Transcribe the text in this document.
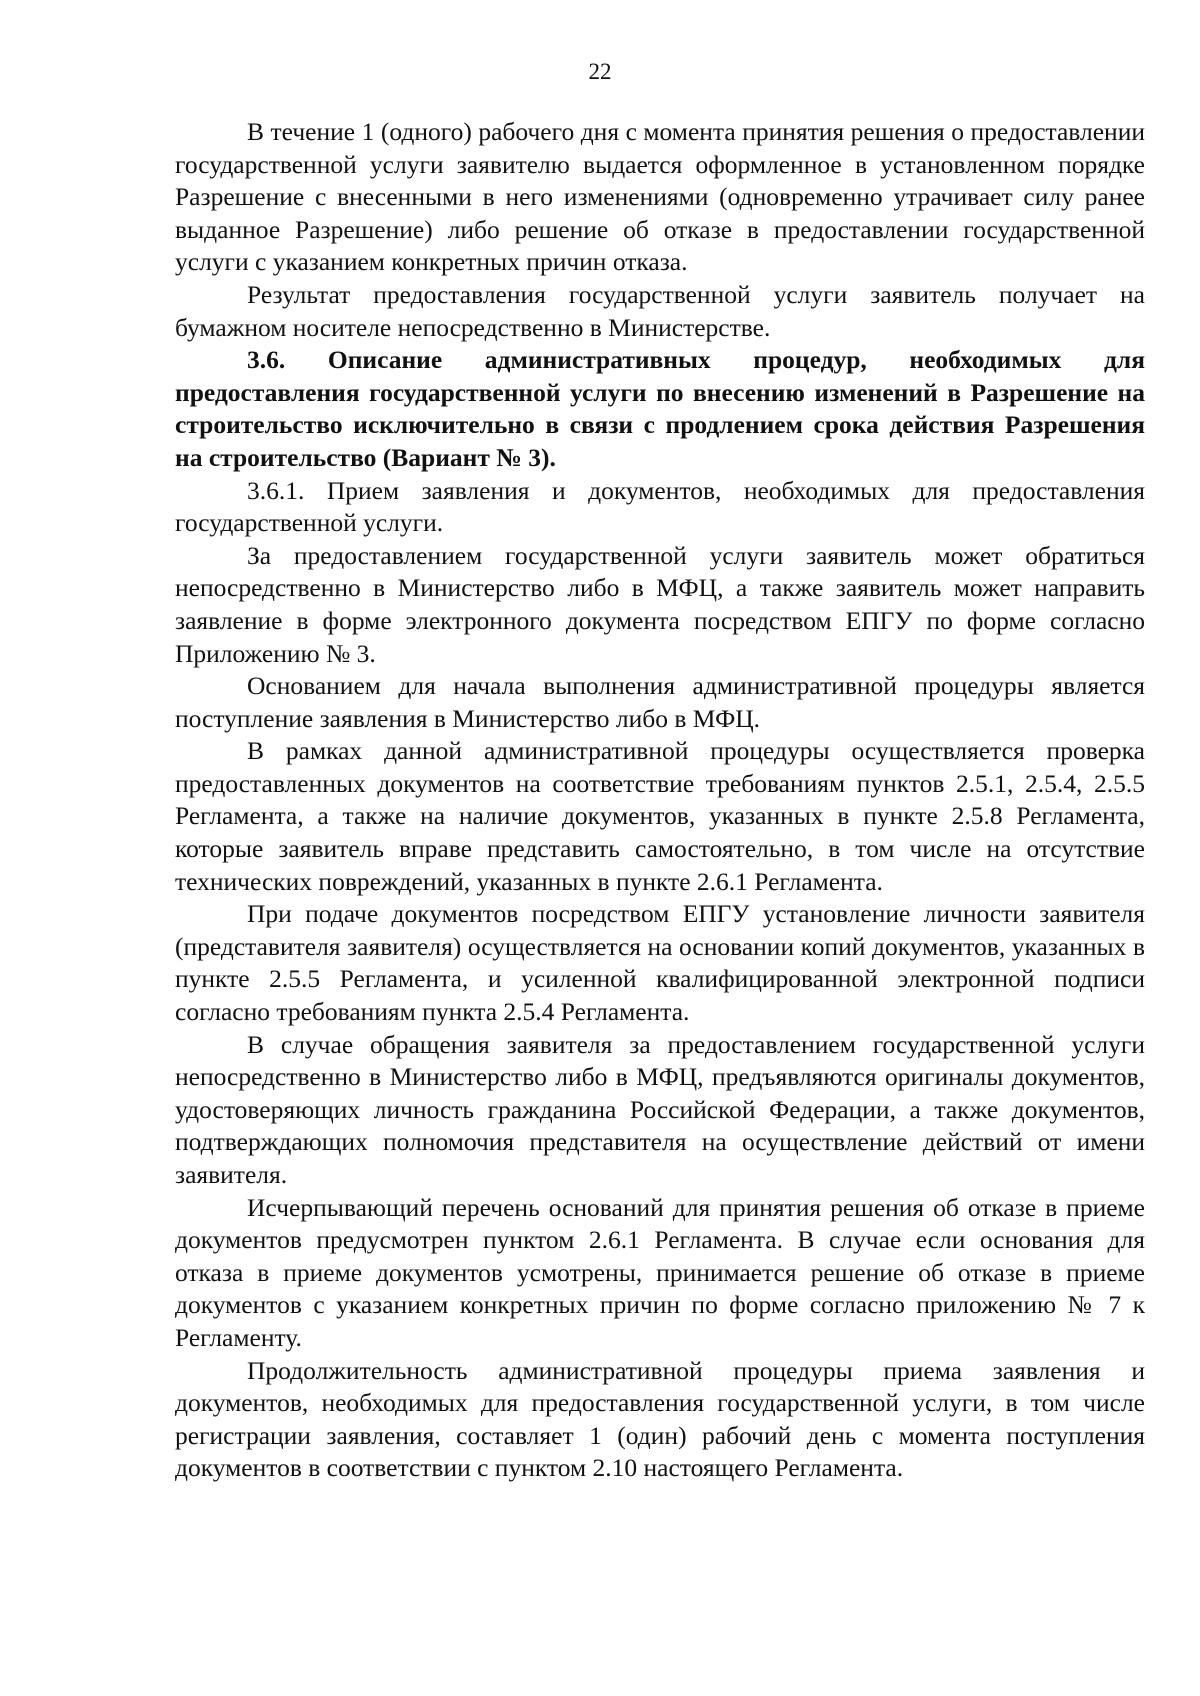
22

В течение 1 (одного) рабочего дня с момента принятия решения о предоставлении государственной услуги заявителю выдается оформленное в установленном порядке Разрешение с внесенными в него изменениями (одновременно утрачивает силу ранее выданное Разрешение) либо решение об отказе в предоставлении государственной услуги с указанием конкретных причин отказа.

Результат предоставления государственной услуги заявитель получает на бумажном носителе непосредственно в Министерстве.

3.6. Описание административных процедур, необходимых для предоставления государственной услуги по внесению изменений в Разрешение на строительство исключительно в связи с продлением срока действия Разрешения на строительство (Вариант № 3).

3.6.1. Прием заявления и документов, необходимых для предоставления государственной услуги.

За предоставлением государственной услуги заявитель может обратиться непосредственно в Министерство либо в МФЦ, а также заявитель может направить заявление в форме электронного документа посредством ЕПГУ по форме согласно Приложению № 3.

Основанием для начала выполнения административной процедуры является поступление заявления в Министерство либо в МФЦ.

В рамках данной административной процедуры осуществляется проверка предоставленных документов на соответствие требованиям пунктов 2.5.1, 2.5.4, 2.5.5 Регламента, а также на наличие документов, указанных в пункте 2.5.8 Регламента, которые заявитель вправе представить самостоятельно, в том числе на отсутствие технических повреждений, указанных в пункте 2.6.1 Регламента.

При подаче документов посредством ЕПГУ установление личности заявителя (представителя заявителя) осуществляется на основании копий документов, указанных в пункте 2.5.5 Регламента, и усиленной квалифицированной электронной подписи согласно требованиям пункта 2.5.4 Регламента.

В случае обращения заявителя за предоставлением государственной услуги непосредственно в Министерство либо в МФЦ, предъявляются оригиналы документов, удостоверяющих личность гражданина Российской Федерации, а также документов, подтверждающих полномочия представителя на осуществление действий от имени заявителя.

Исчерпывающий перечень оснований для принятия решения об отказе в приеме документов предусмотрен пунктом 2.6.1 Регламента. В случае если основания для отказа в приеме документов усмотрены, принимается решение об отказе в приеме документов с указанием конкретных причин по форме согласно приложению № 7 к Регламенту.

Продолжительность административной процедуры приема заявления и документов, необходимых для предоставления государственной услуги, в том числе регистрации заявления, составляет 1 (один) рабочий день с момента поступления документов в соответствии с пунктом 2.10 настоящего Регламента.
